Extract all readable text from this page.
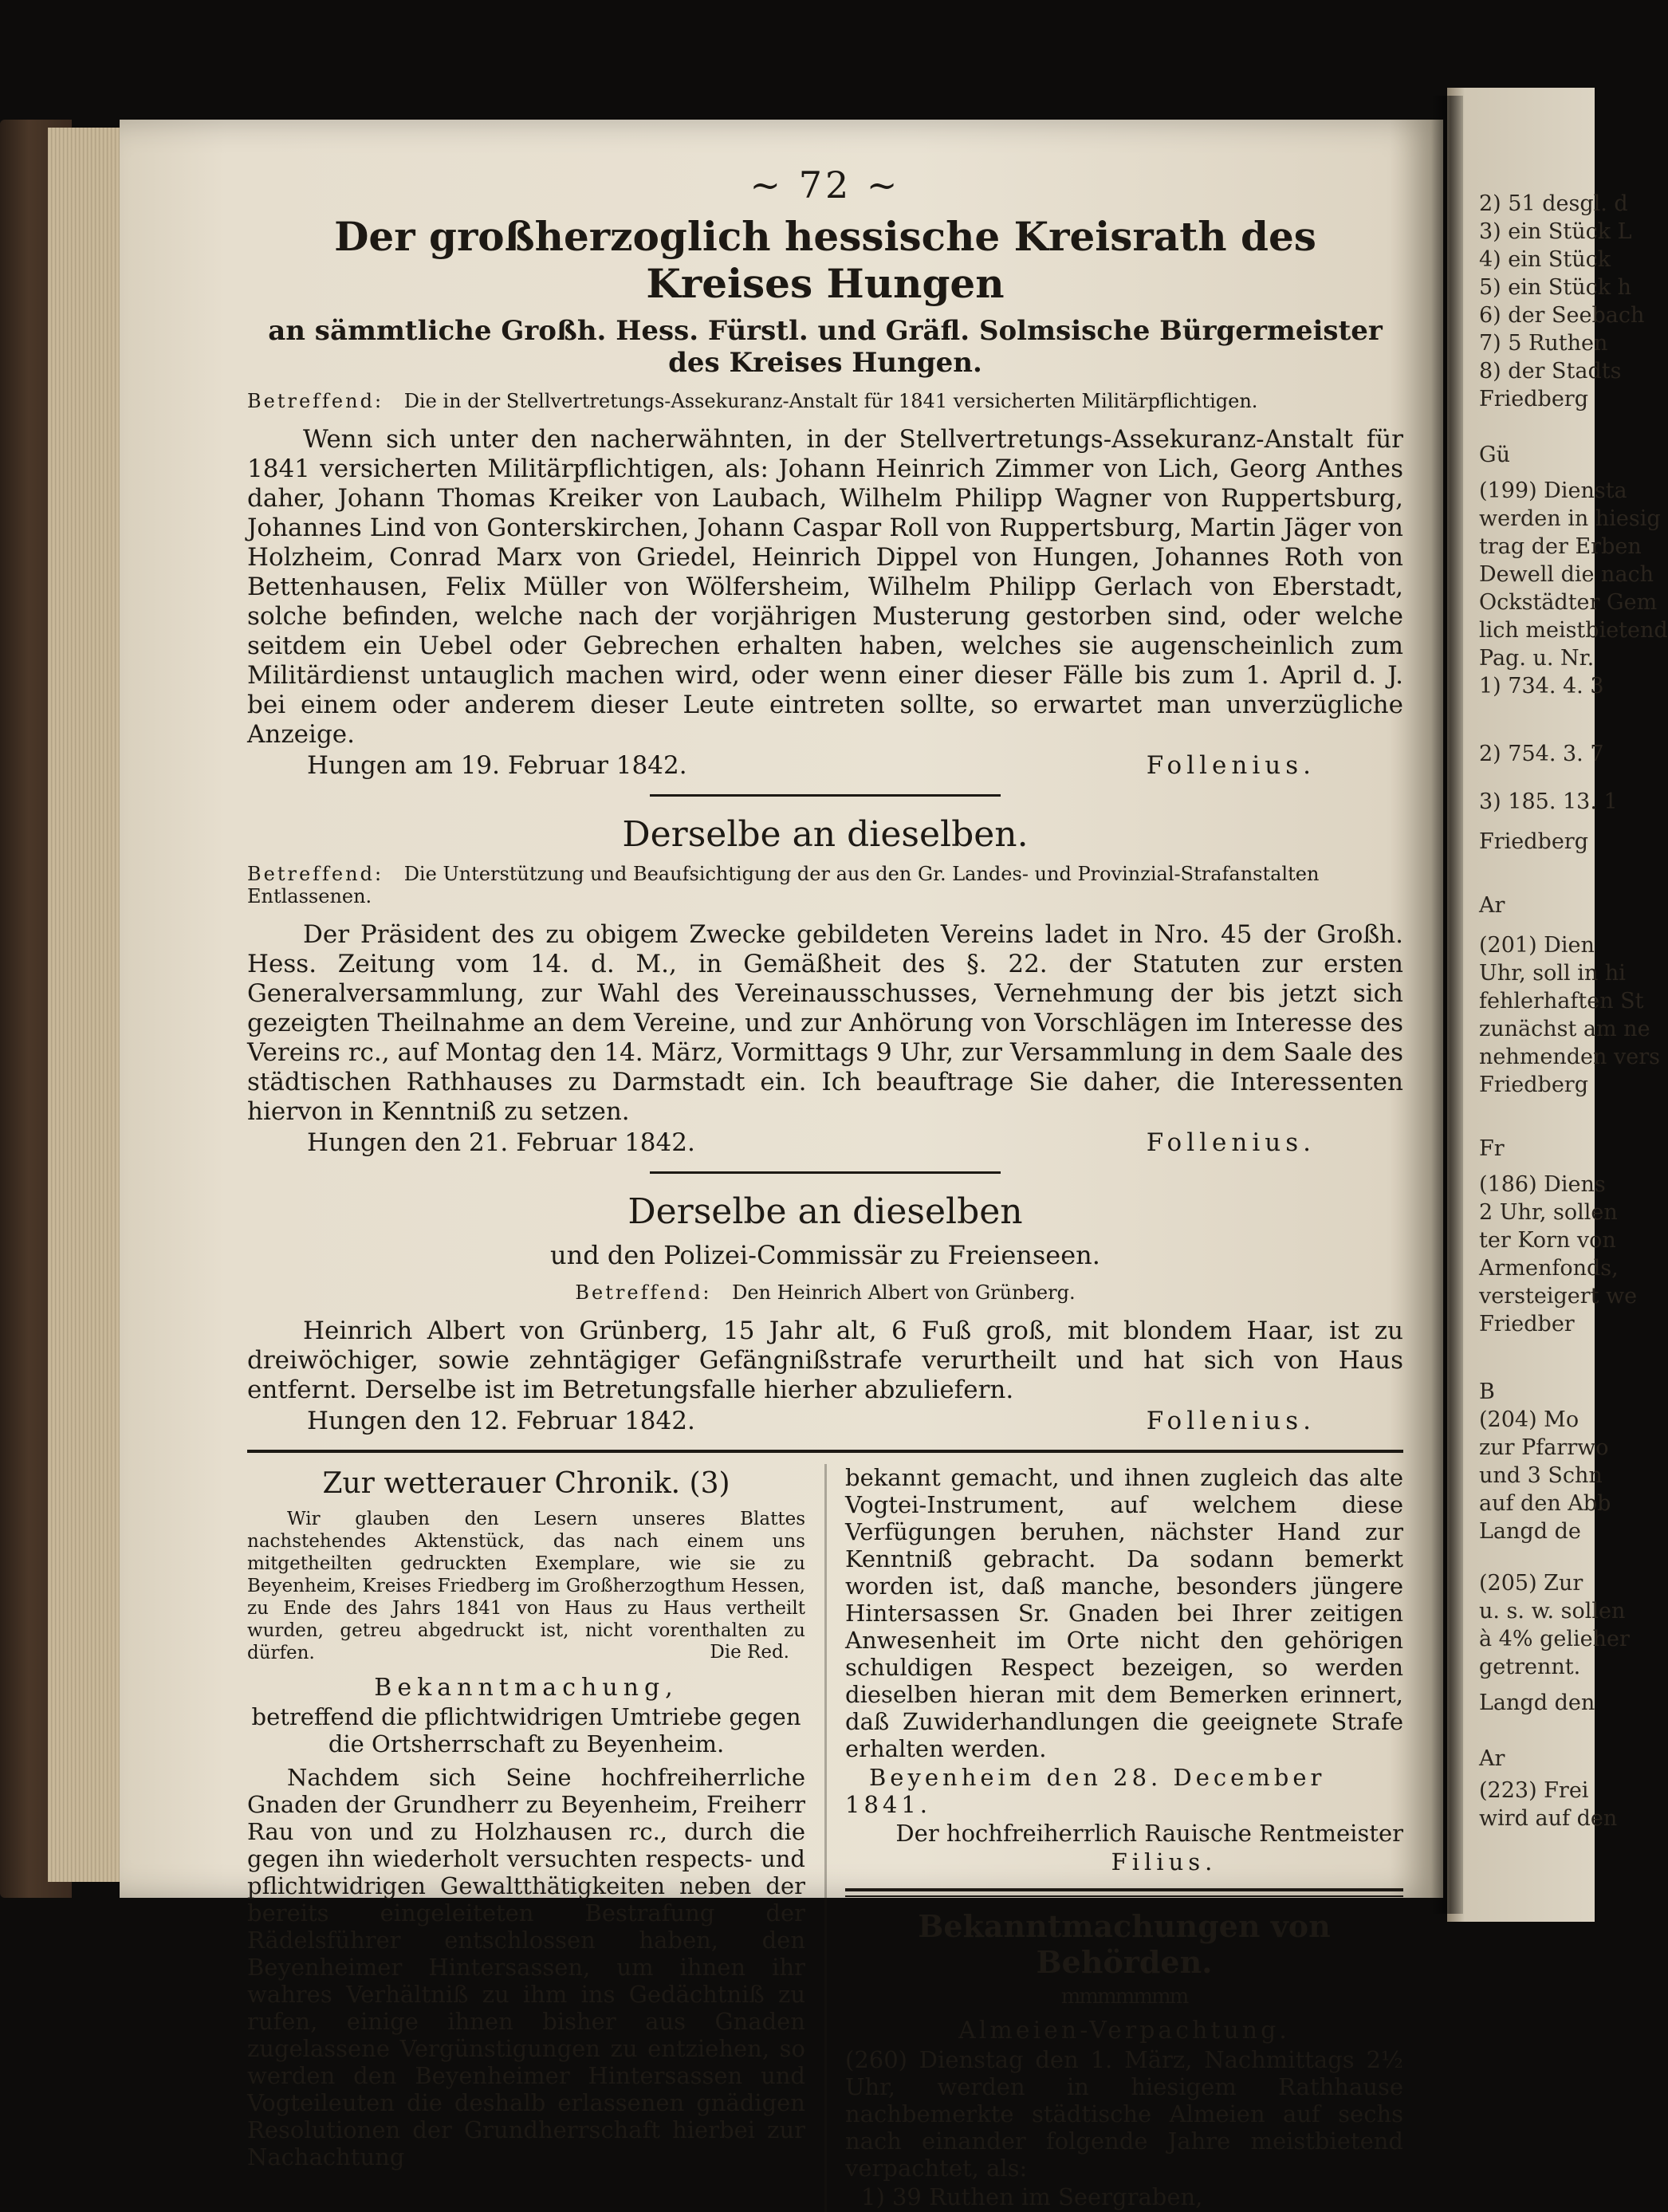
2) 51 desgl. d
3) ein Stück L
4) ein Stück
5) ein Stück h
6) der Seebach
7) 5 Ruthen
8) der Stadts
Friedberg
Gü
(199) Diensta
werden in hiesig
trag der Erben
Dewell die nach
Ockstädter Gem
lich meistbietend
Pag. u. Nr.
1) 734. 4. 3
2) 754. 3. 7
3) 185. 13. 1
Friedberg
Ar
(201) Dien
Uhr, soll in hi
fehlerhaften St
zunächst am ne
nehmenden vers
Friedberg
Fr
(186) Diens
2 Uhr, sollen
ter Korn von
Armenfonds,
versteigert we
Friedber
B
(204) Mo
zur Pfarrwo
und 3 Schn
auf den Abb
Langd de
(205) Zur
u. s. w. sollen
à 4% gelieher
getrennt.
Langd den
Ar
(223) Frei
wird auf den
~ 72 ~
Der großherzoglich hessische Kreisrath des Kreises Hungen
an sämmtliche Großh. Hess. Fürstl. und Gräfl. Solmsische Bürgermeister des Kreises Hungen.
Betreffend: Die in der Stellvertretungs-Assekuranz-Anstalt für 1841 versicherten Militärpflichtigen.

Wenn sich unter den nacherwähnten, in der Stellvertretungs-Assekuranz-Anstalt für 1841 versicherten Militärpflichtigen, als: Johann Heinrich Zimmer von Lich, Georg Anthes daher, Johann Thomas Kreiker von Laubach, Wilhelm Philipp Wagner von Ruppertsburg, Johannes Lind von Gonterskirchen, Johann Caspar Roll von Ruppertsburg, Martin Jäger von Holzheim, Conrad Marx von Griedel, Heinrich Dippel von Hungen, Johannes Roth von Bettenhausen, Felix Müller von Wölfersheim, Wilhelm Philipp Gerlach von Eberstadt, solche befinden, welche nach der vorjährigen Musterung gestorben sind, oder welche seitdem ein Uebel oder Gebrechen erhalten haben, welches sie augenscheinlich zum Militärdienst untauglich machen wird, oder wenn einer dieser Fälle bis zum 1. April d. J. bei einem oder anderem dieser Leute eintreten sollte, so erwartet man unverzügliche Anzeige.

Hungen am 19. Februar 1842.	Follenius.
Derselbe an dieselben.
Betreffend: Die Unterstützung und Beaufsichtigung der aus den Gr. Landes- und Provinzial-Strafanstalten Entlassenen.

Der Präsident des zu obigem Zwecke gebildeten Vereins ladet in Nro. 45 der Großh. Hess. Zeitung vom 14. d. M., in Gemäßheit des §. 22. der Statuten zur ersten Generalversammlung, zur Wahl des Vereinausschusses, Vernehmung der bis jetzt sich gezeigten Theilnahme an dem Vereine, und zur Anhörung von Vorschlägen im Interesse des Vereins rc., auf Montag den 14. März, Vormittags 9 Uhr, zur Versammlung in dem Saale des städtischen Rathhauses zu Darmstadt ein. Ich beauftrage Sie daher, die Interessenten hiervon in Kenntniß zu setzen.

Hungen den 21. Februar 1842.	Follenius.
Derselbe an dieselben
und den Polizei-Commissär zu Freienseen.
Betreffend: Den Heinrich Albert von Grünberg.

Heinrich Albert von Grünberg, 15 Jahr alt, 6 Fuß groß, mit blondem Haar, ist zu dreiwöchiger, sowie zehntägiger Gefängnißstrafe verurtheilt und hat sich von Haus entfernt. Derselbe ist im Betretungsfalle hierher abzuliefern.

Hungen den 12. Februar 1842.	Follenius.
Zur wetterauer Chronik. (3)

Wir glauben den Lesern unseres Blattes nachstehendes Aktenstück, das nach einem uns mitgetheilten gedruckten Exemplare, wie sie zu Beyenheim, Kreises Friedberg im Großherzogthum Hessen, zu Ende des Jahrs 1841 von Haus zu Haus vertheilt wurden, getreu abgedruckt ist, nicht vorenthalten zu dürfen.	Die Red.
Bekanntmachung,
betreffend die pflichtwidrigen Umtriebe gegen die Ortsherrschaft zu Beyenheim.

Nachdem sich Seine hochfreiherrliche Gnaden der Grundherr zu Beyenheim, Freiherr Rau von und zu Holzhausen rc., durch die gegen ihn wiederholt versuchten respects- und pflichtwidrigen Gewaltthätigkeiten neben der bereits eingeleiteten Bestrafung der Rädelsführer entschlossen haben, den Beyenheimer Hintersassen, um ihnen ihr wahres Verhältniß zu ihm ins Gedächtniß zu rufen, einige ihnen bisher aus Gnaden zugelassene Vergünstigungen zu entziehen, so werden den Beyenheimer Hintersassen und Vogteileuten die deshalb erlassenen gnädigen Resolutionen der Grundherrschaft hierbei zur Nachachtung

bekannt gemacht, und ihnen zugleich das alte Vogtei-Instrument, auf welchem diese Verfügungen beruhen, nächster Hand zur Kenntniß gebracht. Da sodann bemerkt worden ist, daß manche, besonders jüngere Hintersassen Sr. Gnaden bei Ihrer zeitigen Anwesenheit im Orte nicht den gehörigen schuldigen Respect bezeigen, so werden dieselben hieran mit dem Bemerken erinnert, daß Zuwiderhandlungen die geeignete Strafe erhalten werden.

Beyenheim den 28. December 1841.
Der hochfreiherrlich Rauische Rentmeister
Filius.
Bekanntmachungen von Behörden.
mmmmmmm
Almeien-Verpachtung.

(260) Dienstag den 1. März, Nachmittags 2½ Uhr, werden in hiesigem Rathhause nachbemerkte städtische Almeien auf sechs nach einander folgende Jahre meistbietend verpachtet, als:

1) 39 Ruthen im Seergraben,
